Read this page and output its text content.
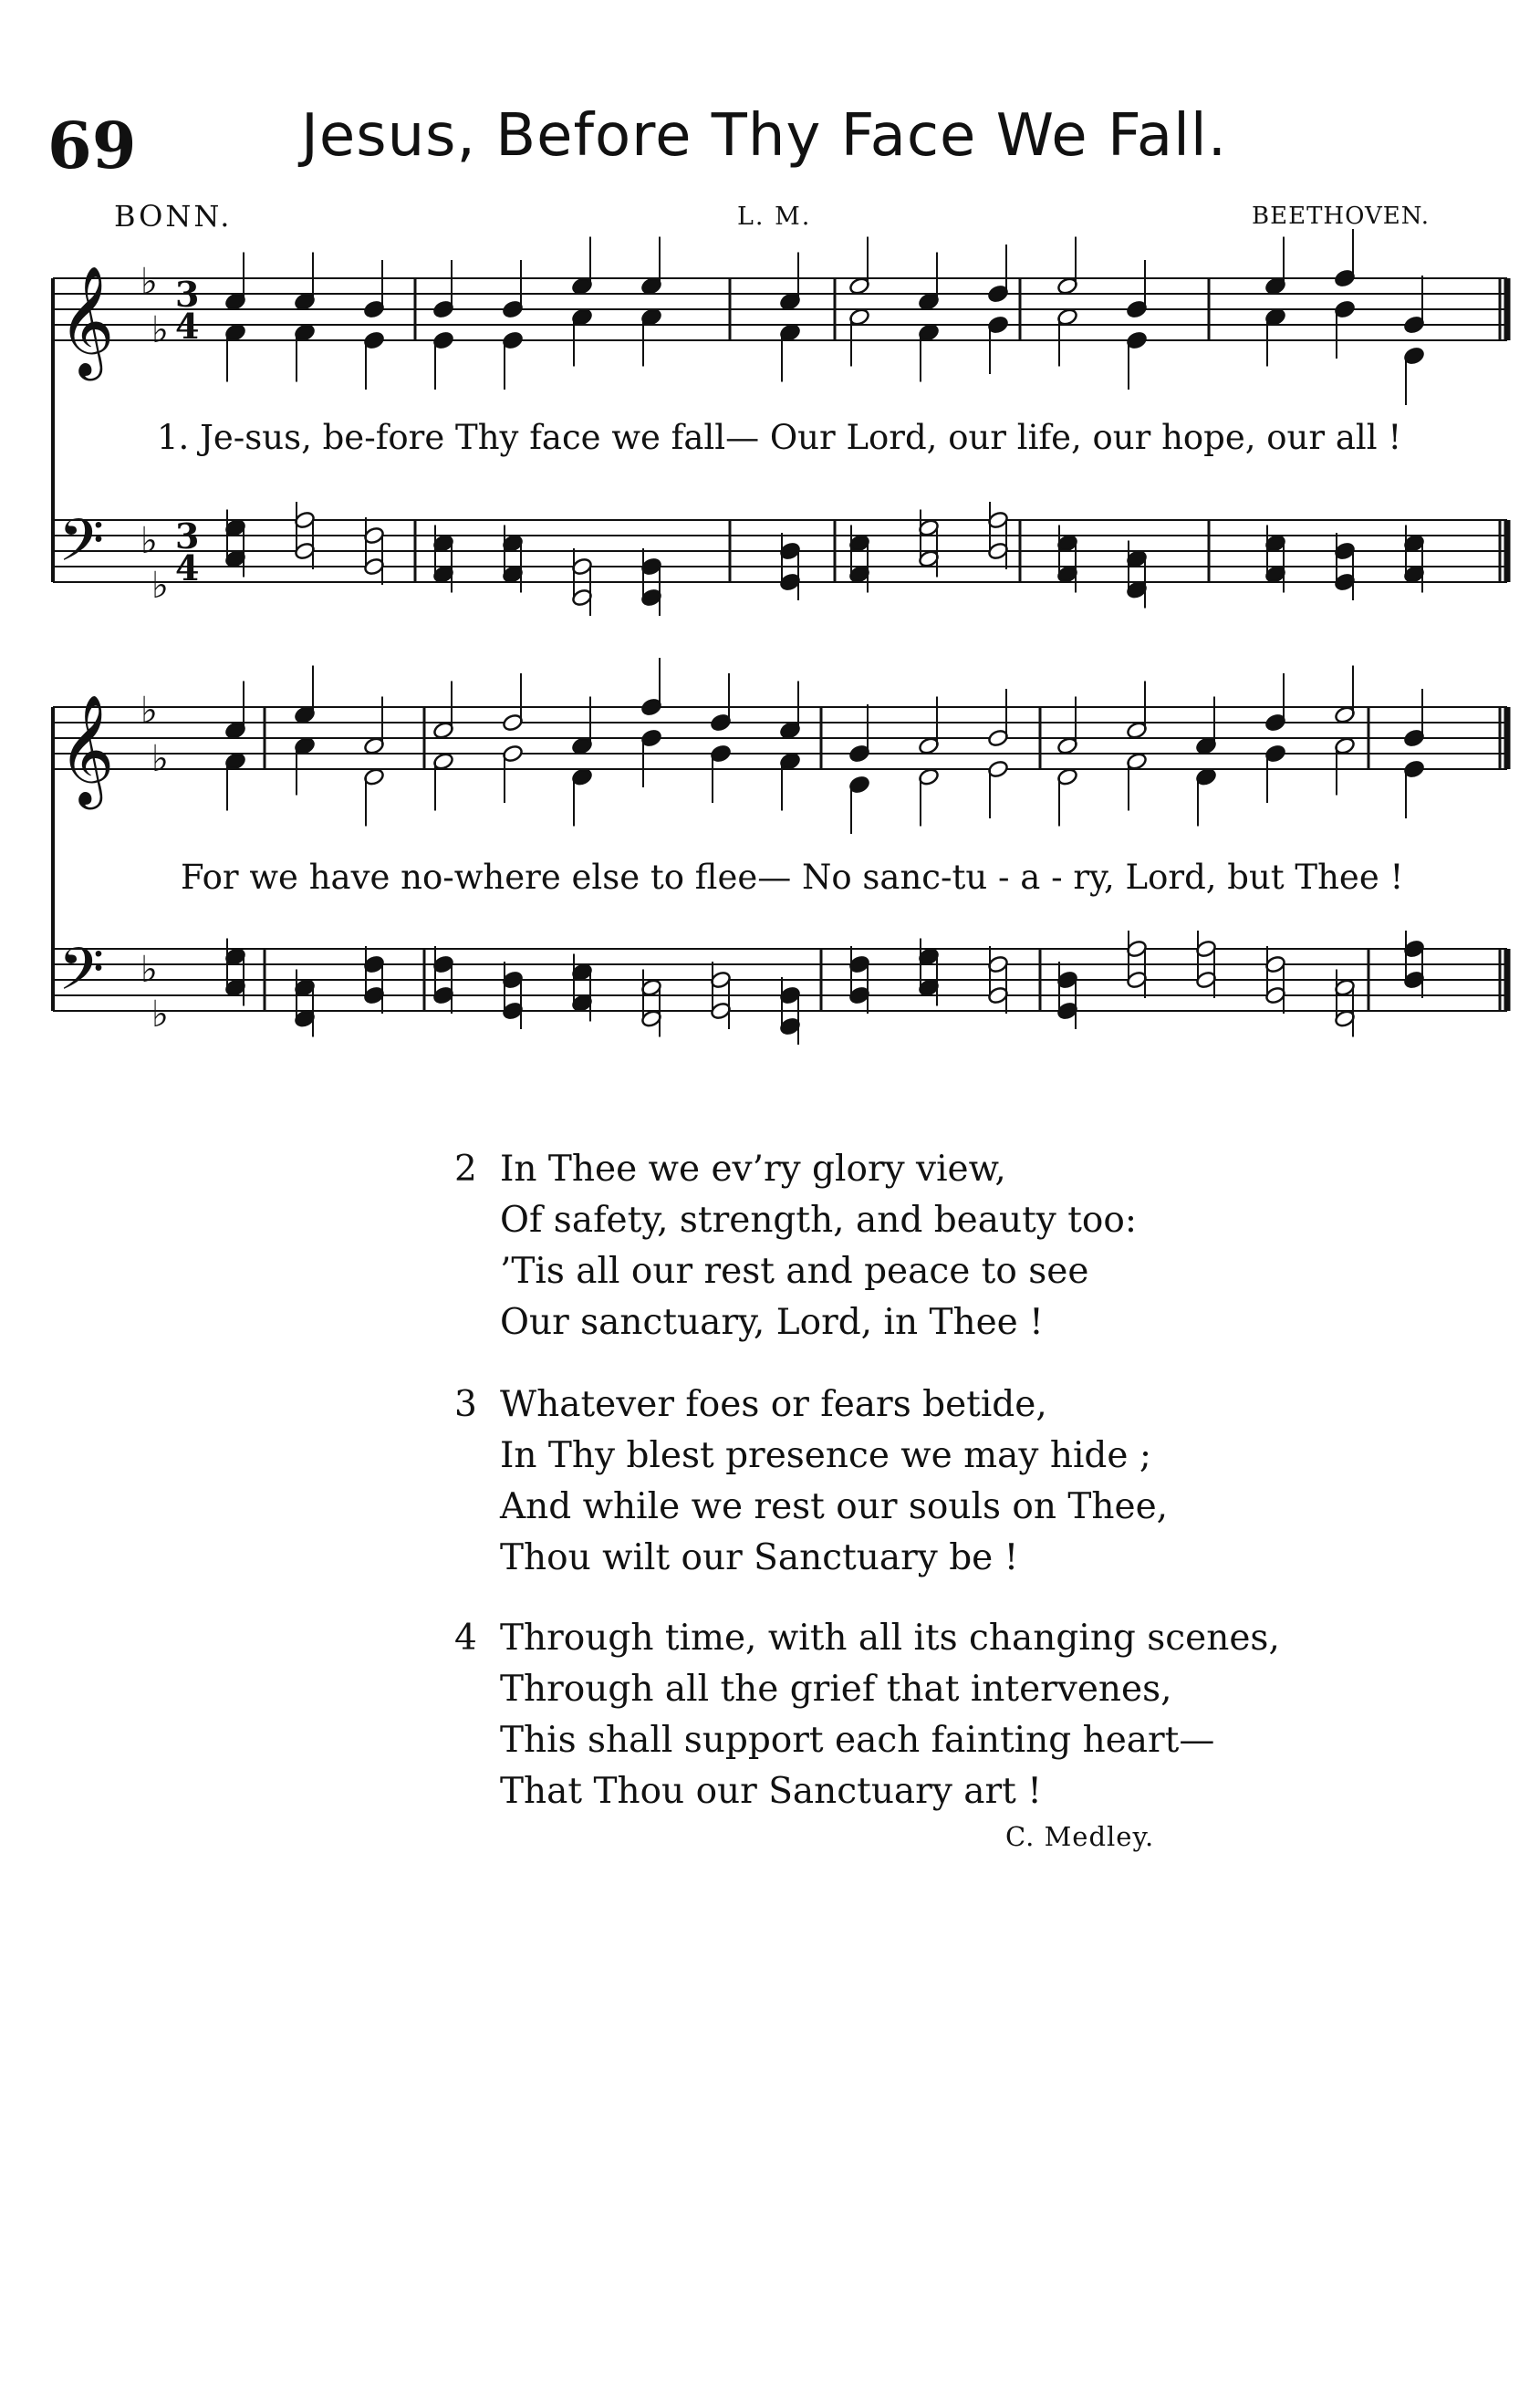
69	Jesus, Before Thy Face We Fall.
BONN.	L. M.	BEETHOVEN.
𝄞 ♭
♭
3
4
𝄢 ♭
♭
3
4
𝄞 ♭
♭
𝄢 ♭
♭
1. Je-sus, be-fore Thy face we fall— Our Lord, our life, our hope, our all !
For we have no-where else to flee— No sanc-tu - a - ry, Lord, but Thee !
2 In Thee we ev’ry glory view,
Of safety, strength, and beauty too:
’Tis all our rest and peace to see
Our sanctuary, Lord, in Thee !
3 Whatever foes or fears betide,
In Thy blest presence we may hide ;
And while we rest our souls on Thee,
Thou wilt our Sanctuary be !
4 Through time, with all its changing scenes,
Through all the grief that intervenes,
This shall support each fainting heart—
That Thou our Sanctuary art !
C. Medley.
